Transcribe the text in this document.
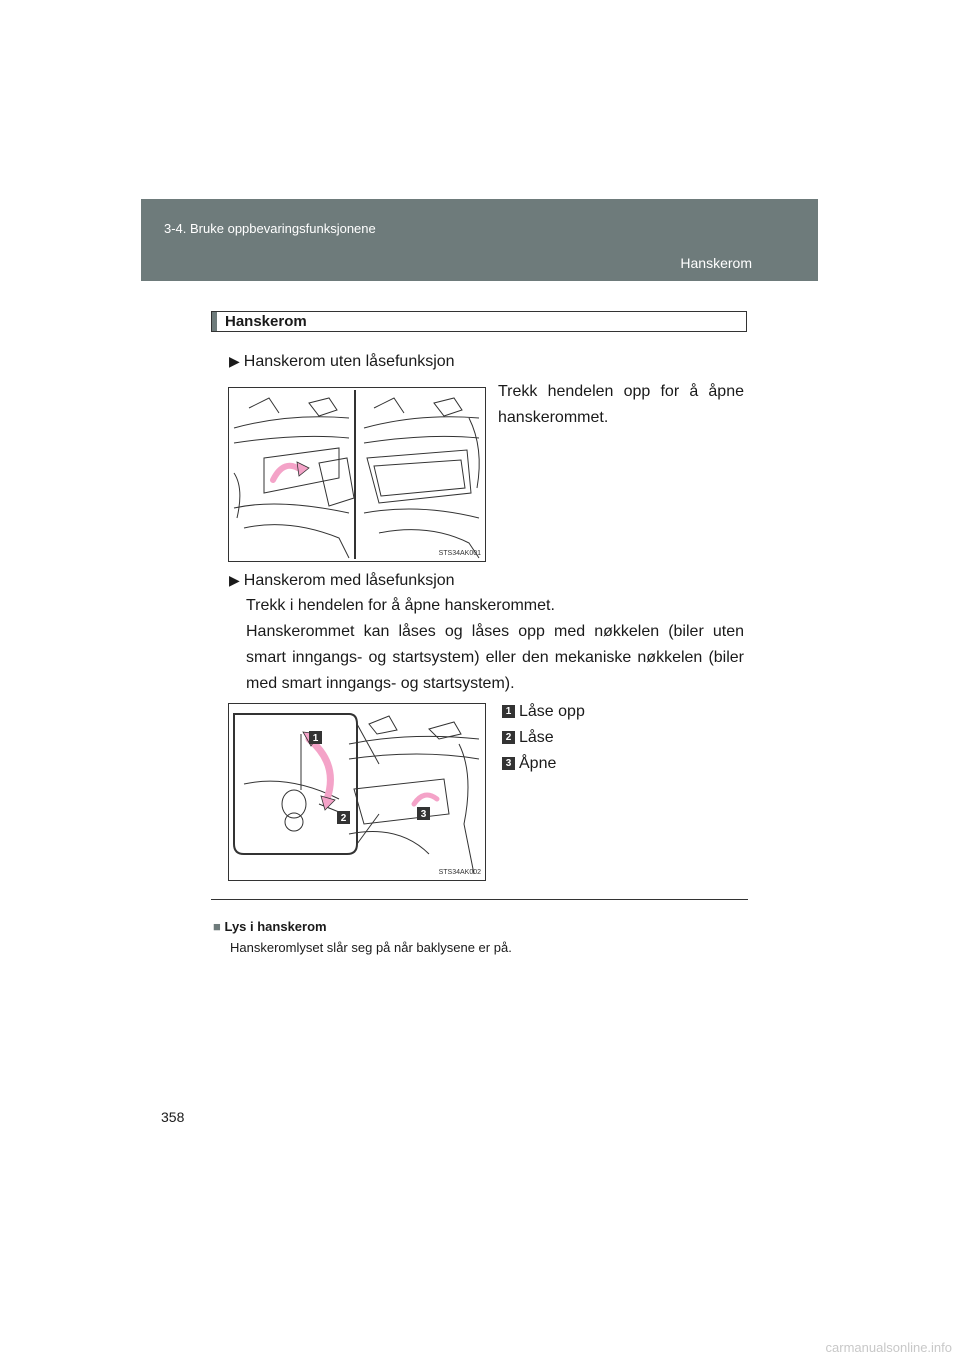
3-4. Bruke oppbevaringsfunksjonene
Hanskerom
Hanskerom
▶ Hanskerom uten låsefunksjon
Trekk hendelen opp for å åpne hanskerommet.
STS34AK001
▶ Hanskerom med låsefunksjon
Trekk i hendelen for å åpne hanskerommet.
Hanskerommet kan låses og låses opp med nøkkelen (biler uten smart inngangs- og startsystem) eller den mekaniske nøkkelen (biler med smart inngangs- og startsystem).
1
2	3
STS34AK002
1 Låse opp
2 Låse
3 Åpne
■ Lys i hanskerom
Hanskeromlyset slår seg på når baklysene er på.
358
carmanualsonline.info
